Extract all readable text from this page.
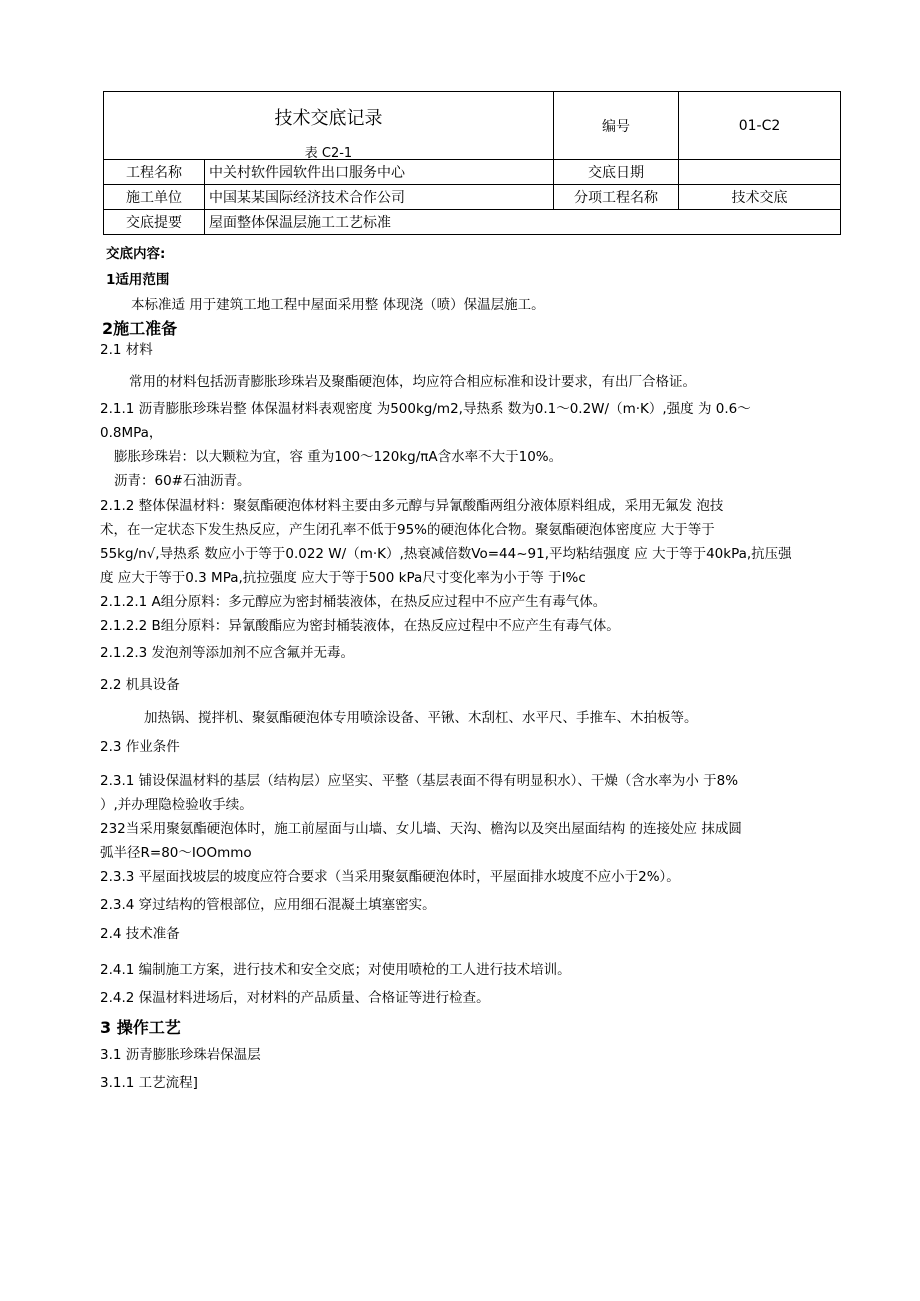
技术交底记录
表 C2-1		编号	01-C2
工程名称	中关村软件园软件出口服务中心	交底日期	
施工单位	中国某某国际经济技术合作公司	分项工程名称	技术交底
交底提要	屋面整体保温层施工工艺标准		
交底内容:
1适用范围
本标准适 用于建筑工地工程中屋面采用整 体现浇（喷）保温层施工。
2施工准备
2.1 材料
常用的材料包括沥青膨胀珍珠岩及聚酯硬泡体，均应符合相应标准和设计要求，有出厂合格证。
2.1.1 沥青膨胀珍珠岩整 体保温材料表观密度 为500kg∕m2,导热系 数为0.1～0.2W∕（m·K）,强度 为 0.6～
0.8MPa，
膨胀珍珠岩：以大颗粒为宜，容 重为100～120kg∕πA含水率不大于10%。
沥青：60#石油沥青。
2.1.2 整体保温材料：聚氨酯硬泡体材料主要由多元醇与异氰酸酯两组分液体原料组成，采用无氟发 泡技
术，在一定状态下发生热反应，产生闭孔率不低于95%的硬泡体化合物。聚氨酯硬泡体密度应 大于等于
55kg∕n√,导热系 数应小于等于0.022 W/（m·K）,热衰减倍数Vo=44~91,平均粘结强度 应 大于等于40kPa,抗压强
度 应大于等于0.3 MPa,抗拉强度 应大于等于500 kPa尺寸变化率为小于等 于I%c
2.1.2.1 A组分原料：多元醇应为密封桶装液体，在热反应过程中不应产生有毒气体。
2.1.2.2 B组分原料：异氰酸酯应为密封桶装液体，在热反应过程中不应产生有毒气体。
2.1.2.3 发泡剂等添加剂不应含氟并无毒。
2.2 机具设备
加热锅、搅拌机、聚氨酯硬泡体专用喷涂设备、平锹、木刮杠、水平尺、手推车、木拍板等。
2.3 作业条件
2.3.1 铺设保温材料的基层（结构层）应坚实、平整（基层表面不得有明显积水）、干燥（含水率为小 于8%
）,并办理隐检验收手续。
232当采用聚氨酯硬泡体时，施工前屋面与山墙、女儿墙、天沟、檐沟以及突出屋面结构 的连接处应 抹成圆
弧半径R=80～IOOmmo
2.3.3 平屋面找坡层的坡度应符合要求（当采用聚氨酯硬泡体时，平屋面排水坡度不应小于2%）。
2.3.4 穿过结构的管根部位，应用细石混凝土填塞密实。
2.4 技术准备
2.4.1 编制施工方案，进行技术和安全交底；对使用喷枪的工人进行技术培训。
2.4.2 保温材料进场后，对材料的产品质量、合格证等进行检查。
3 操作工艺
3.1 沥青膨胀珍珠岩保温层
3.1.1 工艺流程]
